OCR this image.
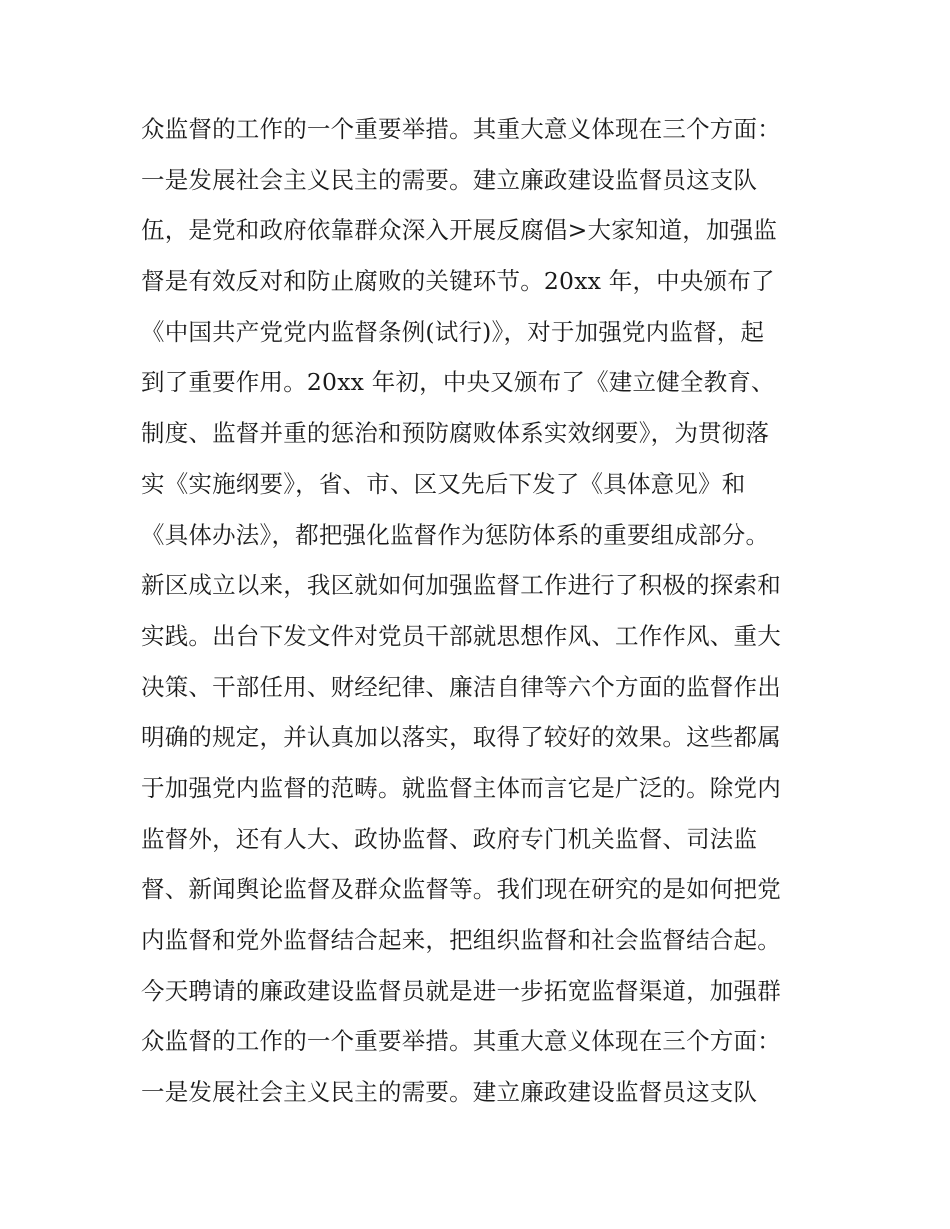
众监督的工作的一个重要举措。其重大意义体现在三个方面：
一是发展社会主义民主的需要。建立廉政建设监督员这支队
伍，是党和政府依靠群众深入开展反腐倡>大家知道，加强监
督是有效反对和防止腐败的关键环节。20xx 年，中央颁布了
《中国共产党党内监督条例(试行)》，对于加强党内监督，起
到了重要作用。20xx 年初，中央又颁布了《建立健全教育、
制度、监督并重的惩治和预防腐败体系实效纲要》，为贯彻落
实《实施纲要》，省、市、区又先后下发了《具体意见》和
《具体办法》，都把强化监督作为惩防体系的重要组成部分。
新区成立以来，我区就如何加强监督工作进行了积极的探索和
实践。出台下发文件对党员干部就思想作风、工作作风、重大
决策、干部任用、财经纪律、廉洁自律等六个方面的监督作出
明确的规定，并认真加以落实，取得了较好的效果。这些都属
于加强党内监督的范畴。就监督主体而言它是广泛的。除党内
监督外，还有人大、政协监督、政府专门机关监督、司法监
督、新闻舆论监督及群众监督等。我们现在研究的是如何把党
内监督和党外监督结合起来，把组织监督和社会监督结合起。
今天聘请的廉政建设监督员就是进一步拓宽监督渠道，加强群
众监督的工作的一个重要举措。其重大意义体现在三个方面：
一是发展社会主义民主的需要。建立廉政建设监督员这支队
